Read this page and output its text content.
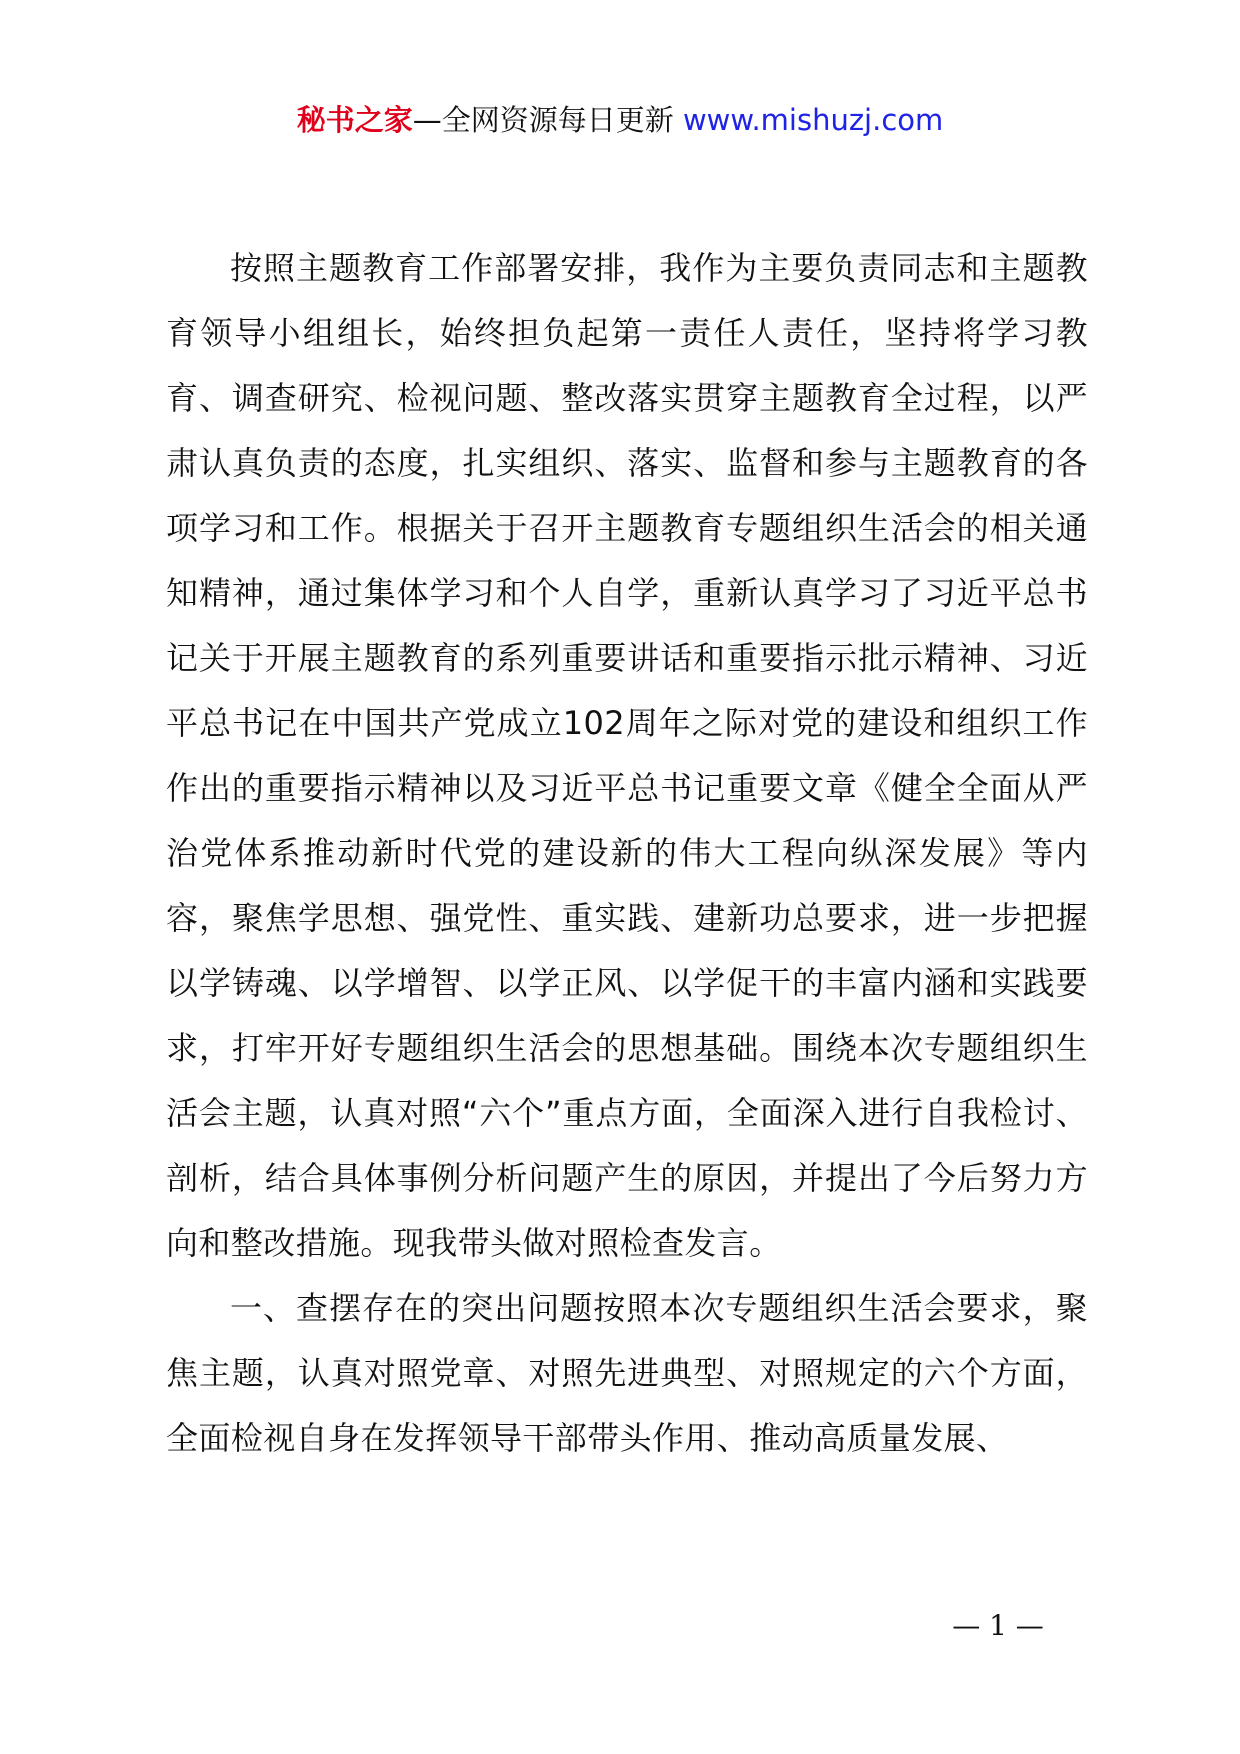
秘书之家—全网资源每日更新 www.mishuzj.com

按照主题教育工作部署安排，我作为主要负责同志和主题教育领导小组组长，始终担负起第一责任人责任，坚持将学习教育、调查研究、检视问题、整改落实贯穿主题教育全过程，以严肃认真负责的态度，扎实组织、落实、监督和参与主题教育的各项学习和工作。根据关于召开主题教育专题组织生活会的相关通知精神，通过集体学习和个人自学，重新认真学习了习近平总书记关于开展主题教育的系列重要讲话和重要指示批示精神、习近平总书记在中国共产党成立102周年之际对党的建设和组织工作作出的重要指示精神以及习近平总书记重要文章《健全全面从严治党体系推动新时代党的建设新的伟大工程向纵深发展》等内容，聚焦学思想、强党性、重实践、建新功总要求，进一步把握以学铸魂、以学增智、以学正风、以学促干的丰富内涵和实践要求，打牢开好专题组织生活会的思想基础。围绕本次专题组织生活会主题，认真对照“六个”重点方面，全面深入进行自我检讨、剖析，结合具体事例分析问题产生的原因，并提出了今后努力方向和整改措施。现我带头做对照检查发言。

一、查摆存在的突出问题按照本次专题组织生活会要求，聚焦主题，认真对照党章、对照先进典型、对照规定的六个方面，全面检视自身在发挥领导干部带头作用、推动高质量发展、

— 1 —
